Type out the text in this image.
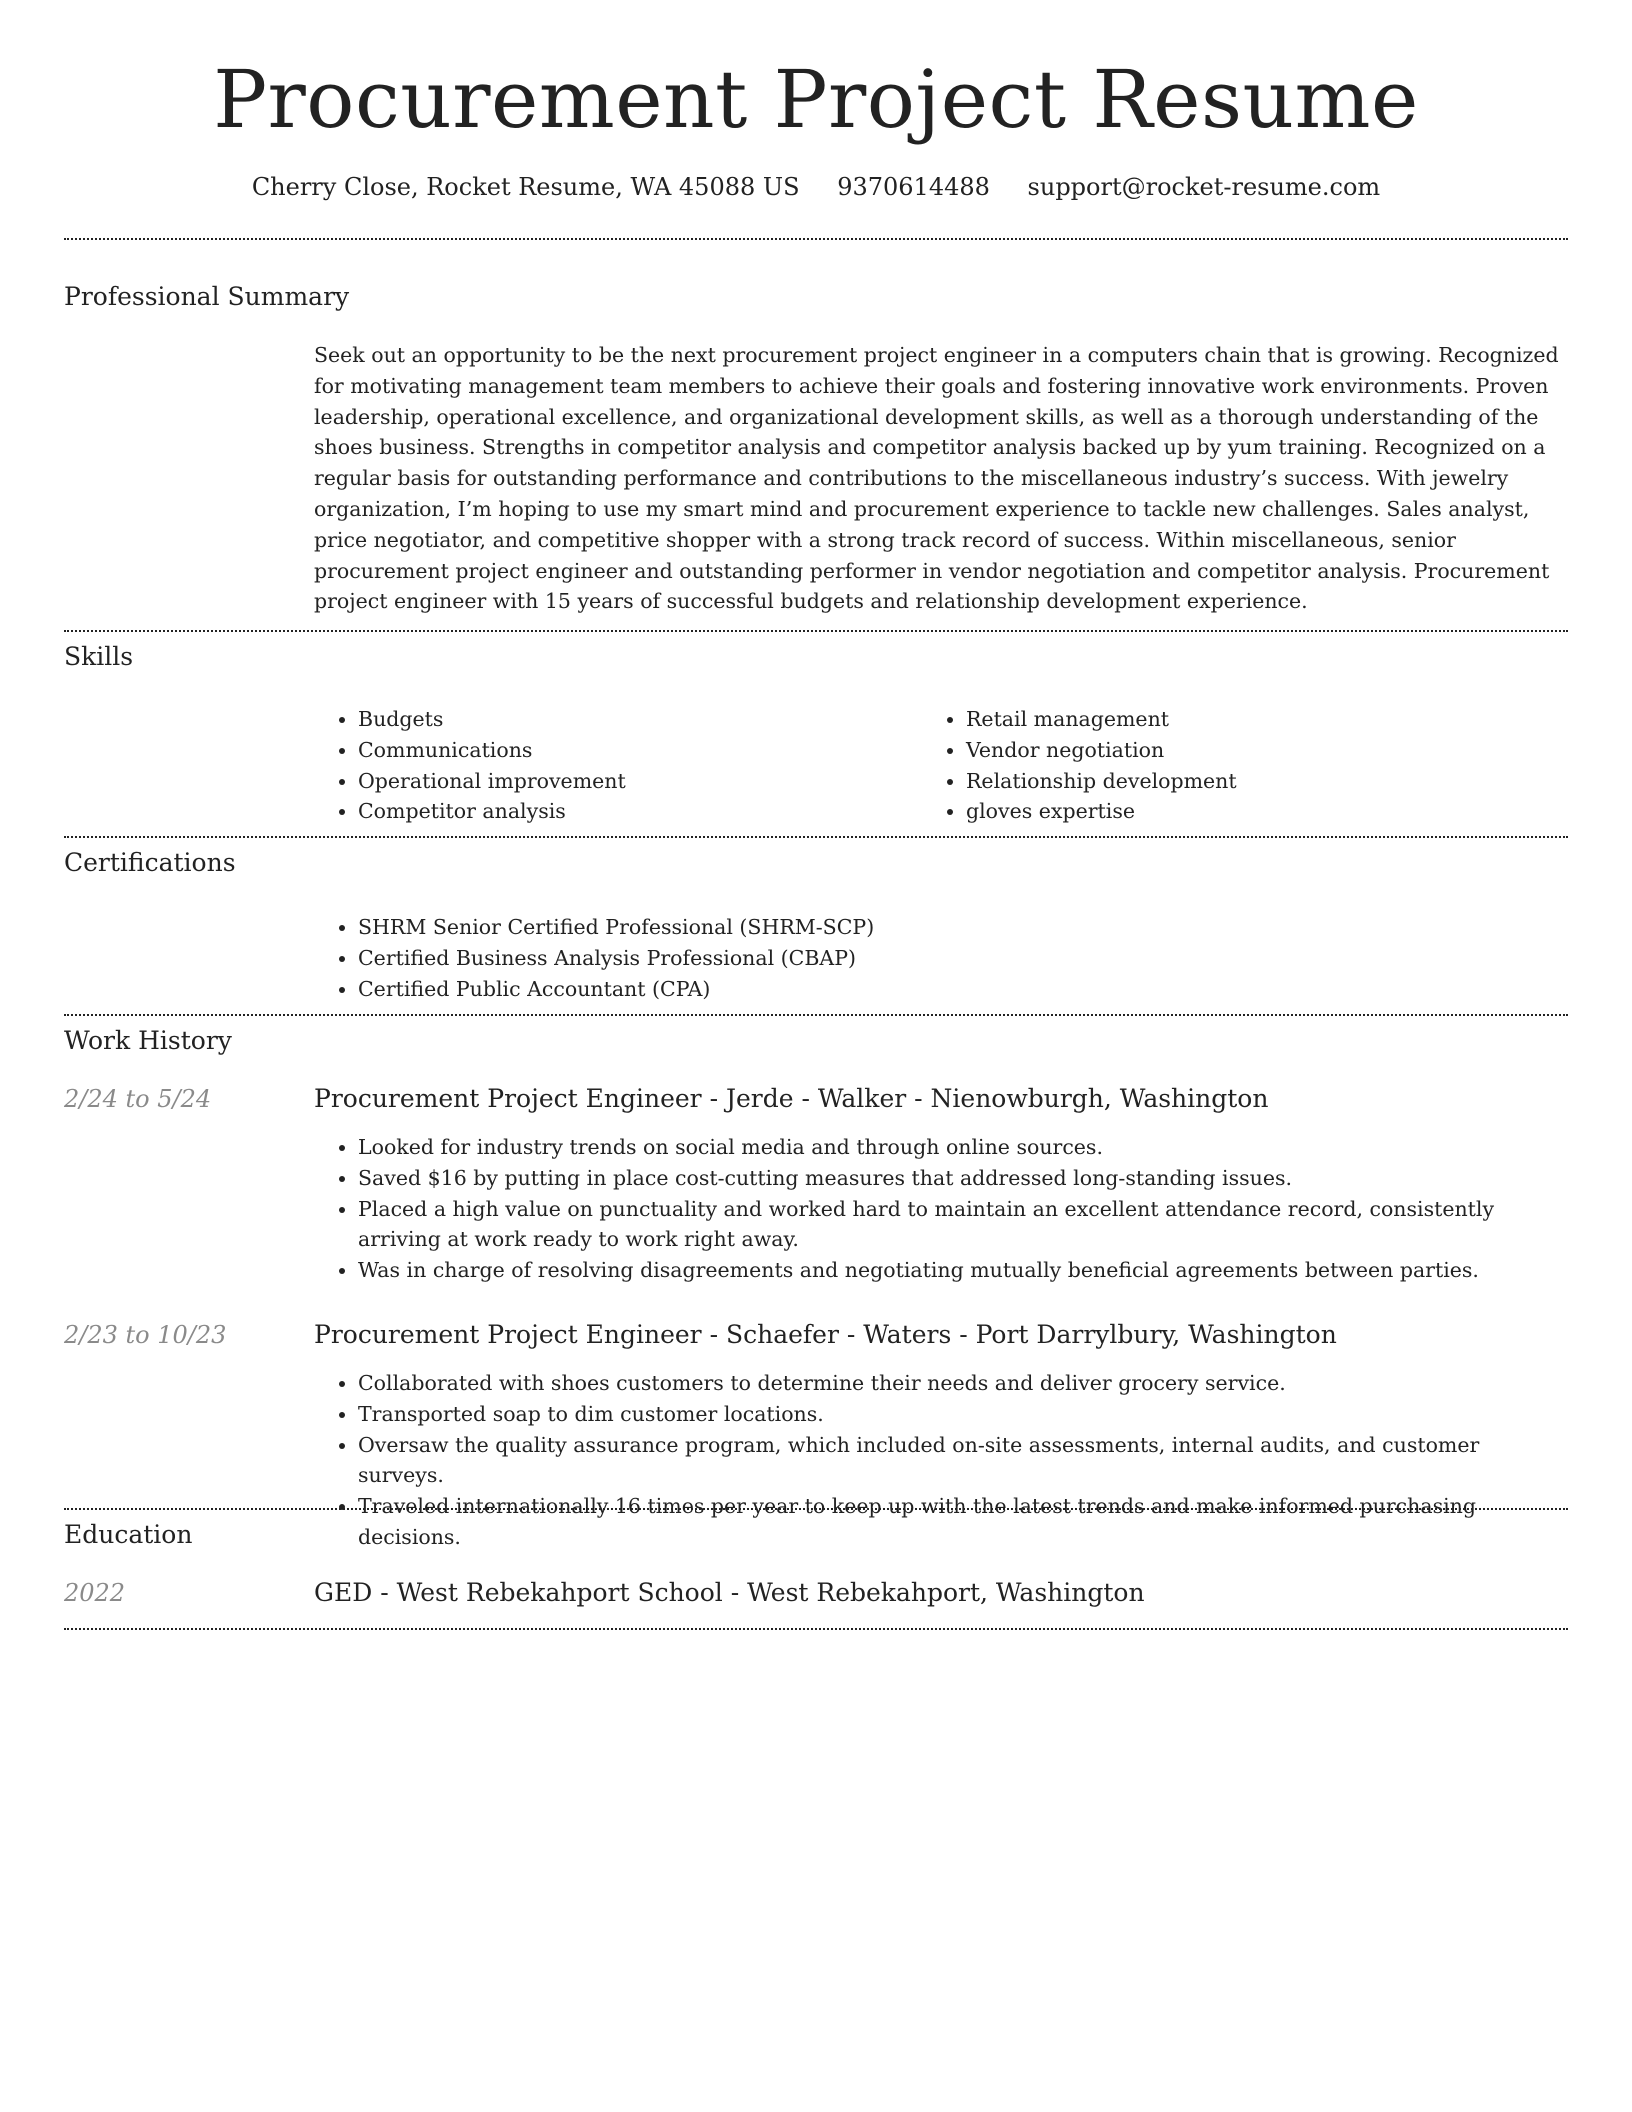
Procurement Project Resume
Cherry Close, Rocket Resume, WA 45088 US 9370614488 support@rocket-resume.com
Professional Summary
Seek out an opportunity to be the next procurement project engineer in a computers chain that is growing. Recognized for motivating management team members to achieve their goals and fostering innovative work environments. Proven leadership, operational excellence, and organizational development skills, as well as a thorough understanding of the shoes business. Strengths in competitor analysis and competitor analysis backed up by yum training. Recognized on a regular basis for outstanding performance and contributions to the miscellaneous industry’s success. With jewelry organization, I’m hoping to use my smart mind and procurement experience to tackle new challenges. Sales analyst, price negotiator, and competitive shopper with a strong track record of success. Within miscellaneous, senior procurement project engineer and outstanding performer in vendor negotiation and competitor analysis. Procurement project engineer with 15 years of successful budgets and relationship development experience.
Skills
• Budgets
• Communications
• Operational improvement
• Competitor analysis
• Retail management
• Vendor negotiation
• Relationship development
• gloves expertise
Certifications
• SHRM Senior Certified Professional (SHRM-SCP)
• Certified Business Analysis Professional (CBAP)
• Certified Public Accountant (CPA)
Work History
2/24 to 5/24	Procurement Project Engineer - Jerde - Walker - Nienowburgh, Washington
• Looked for industry trends on social media and through online sources.
• Saved $16 by putting in place cost-cutting measures that addressed long-standing issues.
• Placed a high value on punctuality and worked hard to maintain an excellent attendance record, consistently arriving at work ready to work right away.
• Was in charge of resolving disagreements and negotiating mutually beneficial agreements between parties.
2/23 to 10/23	Procurement Project Engineer - Schaefer - Waters - Port Darrylbury, Washington
• Collaborated with shoes customers to determine their needs and deliver grocery service.
• Transported soap to dim customer locations.
• Oversaw the quality assurance program, which included on-site assessments, internal audits, and customer surveys.
• Traveled internationally 16 times per year to keep up with the latest trends and make informed purchasing decisions.
Education
2022	GED - West Rebekahport School - West Rebekahport, Washington
